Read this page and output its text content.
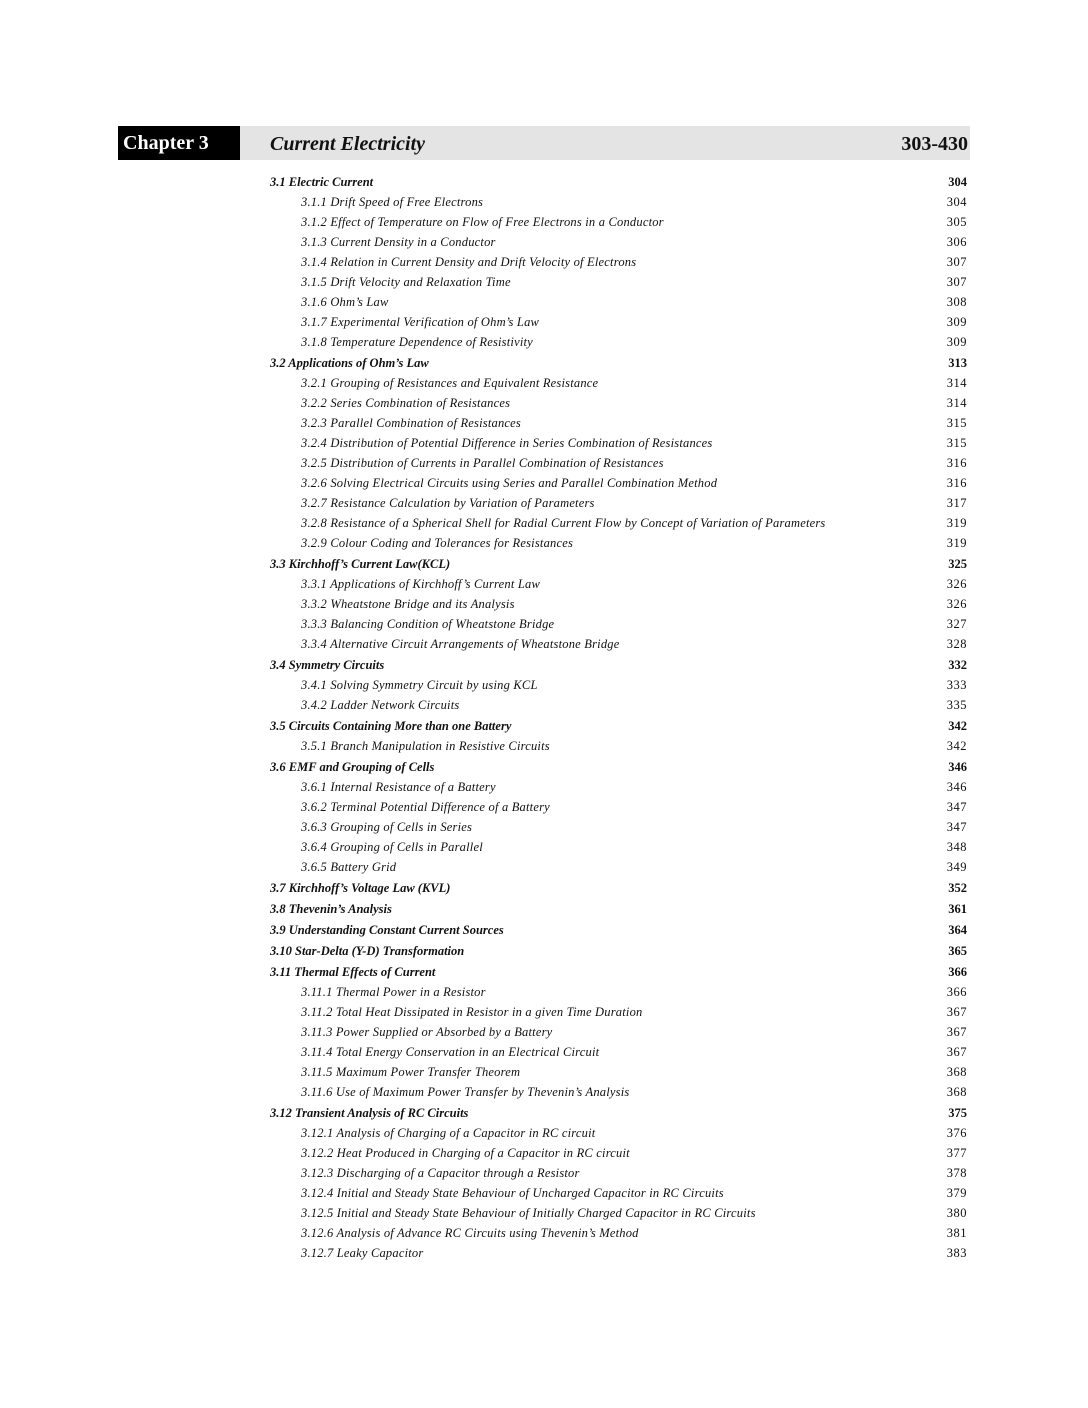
Chapter 3	Current Electricity	303-430
3.1 Electric Current	304
3.1.1 Drift Speed of Free Electrons	304
3.1.2 Effect of Temperature on Flow of Free Electrons in a Conductor	305
3.1.3 Current Density in a Conductor	306
3.1.4 Relation in Current Density and Drift Velocity of Electrons	307
3.1.5 Drift Velocity and Relaxation Time	307
3.1.6 Ohm’s Law	308
3.1.7 Experimental Verification of Ohm’s Law	309
3.1.8 Temperature Dependence of Resistivity	309
3.2 Applications of Ohm’s Law	313
3.2.1 Grouping of Resistances and Equivalent Resistance	314
3.2.2 Series Combination of Resistances	314
3.2.3 Parallel Combination of Resistances	315
3.2.4 Distribution of Potential Difference in Series Combination of Resistances	315
3.2.5 Distribution of Currents in Parallel Combination of Resistances	316
3.2.6 Solving Electrical Circuits using Series and Parallel Combination Method	316
3.2.7 Resistance Calculation by Variation of Parameters	317
3.2.8 Resistance of a Spherical Shell for Radial Current Flow by Concept of Variation of Parameters	319
3.2.9 Colour Coding and Tolerances for Resistances	319
3.3 Kirchhoff’s Current Law(KCL)	325
3.3.1 Applications of Kirchhoff’s Current Law	326
3.3.2 Wheatstone Bridge and its Analysis	326
3.3.3 Balancing Condition of Wheatstone Bridge	327
3.3.4 Alternative Circuit Arrangements of Wheatstone Bridge	328
3.4 Symmetry Circuits	332
3.4.1 Solving Symmetry Circuit by using KCL	333
3.4.2 Ladder Network Circuits	335
3.5 Circuits Containing More than one Battery	342
3.5.1 Branch Manipulation in Resistive Circuits	342
3.6 EMF and Grouping of Cells	346
3.6.1 Internal Resistance of a Battery	346
3.6.2 Terminal Potential Difference of a Battery	347
3.6.3 Grouping of Cells in Series	347
3.6.4 Grouping of Cells in Parallel	348
3.6.5 Battery Grid	349
3.7 Kirchhoff’s Voltage Law (KVL)	352
3.8 Thevenin’s Analysis	361
3.9 Understanding Constant Current Sources	364
3.10 Star-Delta (Y-D) Transformation	365
3.11 Thermal Effects of Current	366
3.11.1 Thermal Power in a Resistor	366
3.11.2 Total Heat Dissipated in Resistor in a given Time Duration	367
3.11.3 Power Supplied or Absorbed by a Battery	367
3.11.4 Total Energy Conservation in an Electrical Circuit	367
3.11.5 Maximum Power Transfer Theorem	368
3.11.6 Use of Maximum Power Transfer by Thevenin’s Analysis	368
3.12 Transient Analysis of RC Circuits	375
3.12.1 Analysis of Charging of a Capacitor in RC circuit	376
3.12.2 Heat Produced in Charging of a Capacitor in RC circuit	377
3.12.3 Discharging of a Capacitor through a Resistor	378
3.12.4 Initial and Steady State Behaviour of Uncharged Capacitor in RC Circuits	379
3.12.5 Initial and Steady State Behaviour of Initially Charged Capacitor in RC Circuits	380
3.12.6 Analysis of Advance RC Circuits using Thevenin’s Method	381
3.12.7 Leaky Capacitor	383
